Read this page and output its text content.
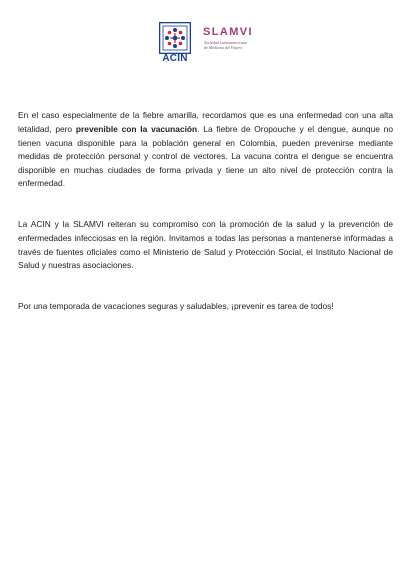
ACIN
SLAMVI
Sociedad Latinoamericana
de Medicina del Viajero

En el caso especialmente de la fiebre amarilla, recordamos que es una enfermedad con una alta letalidad, pero prevenible con la vacunación. La fiebre de Oropouche y el dengue, aunque no tienen vacuna disponible para la población general en Colombia, pueden prevenirse mediante medidas de protección personal y control de vectores. La vacuna contra el dengue se encuentra disponible en muchas ciudades de forma privada y tiene un alto nivel de protección contra la enfermedad.

La ACIN y la SLAMVI reiteran su compromiso con la promoción de la salud y la prevención de enfermedades infecciosas en la región. Invitamos a todas las personas a mantenerse informadas a través de fuentes oficiales como el Ministerio de Salud y Protección Social, el Instituto Nacional de Salud y nuestras asociaciones.

Por una temporada de vacaciones seguras y saludables, ¡prevenir es tarea de todos!
